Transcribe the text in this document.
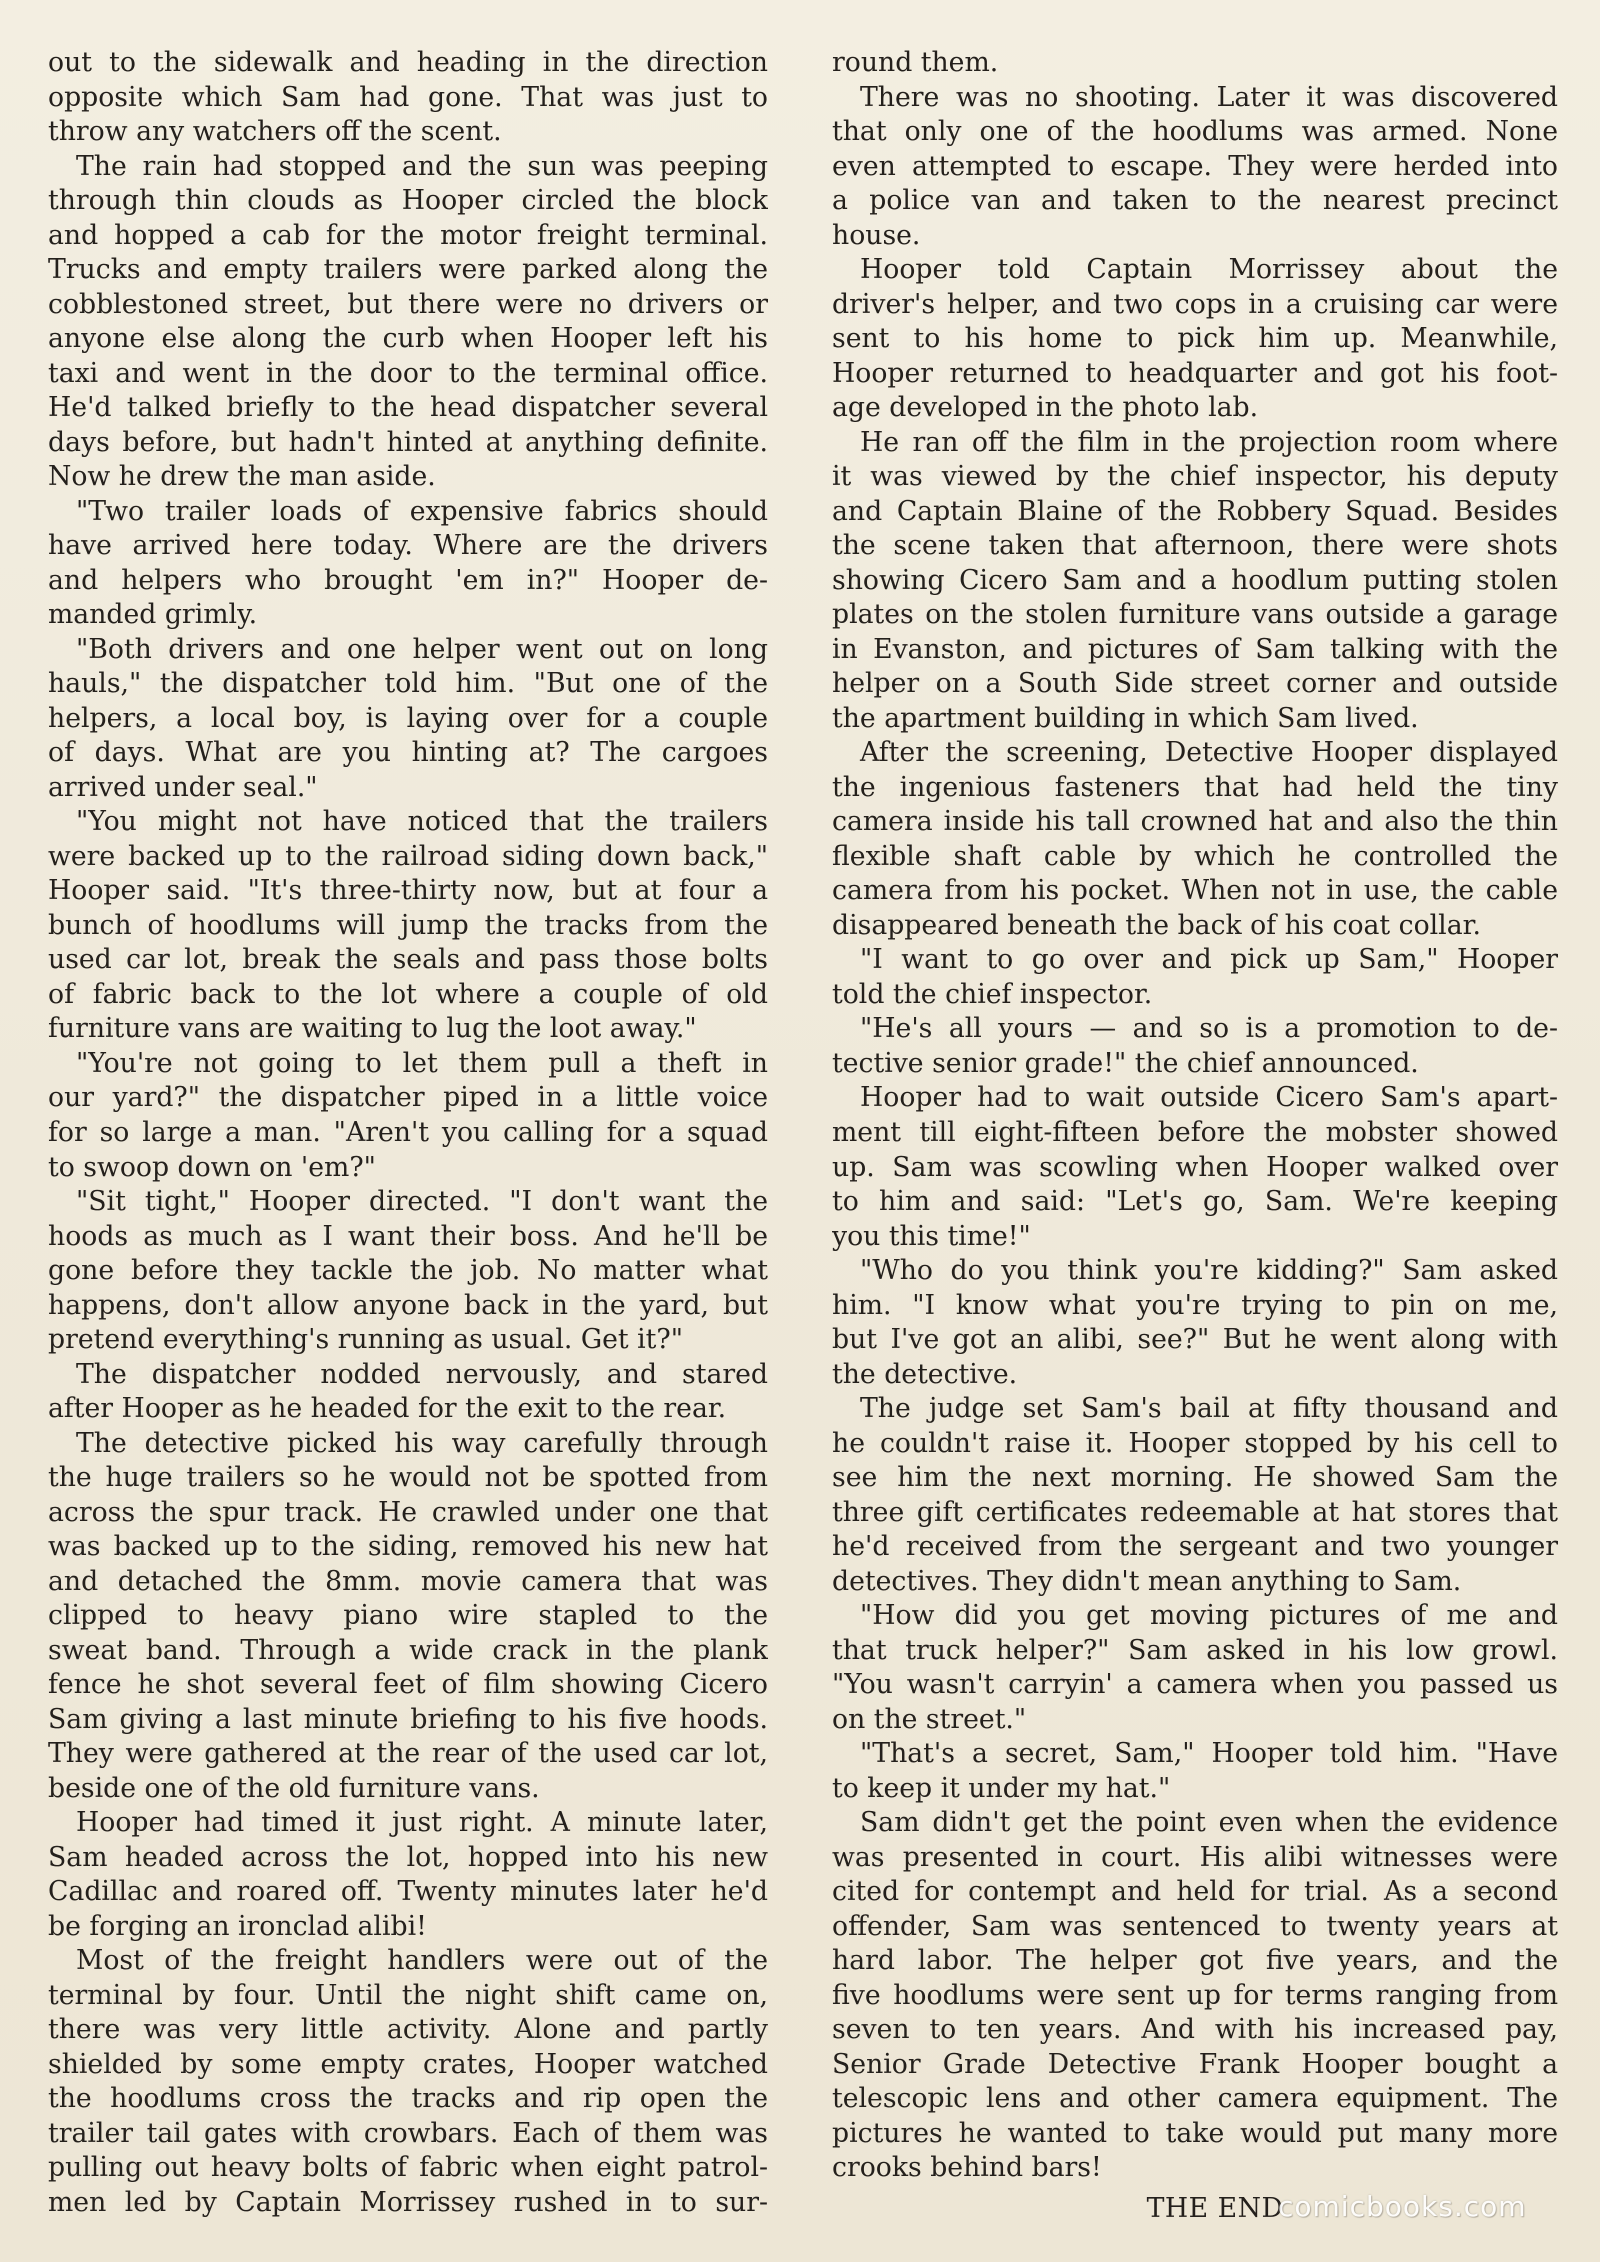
out to the sidewalk and heading in the direction
opposite which Sam had gone. That was just to
throw any watchers off the scent.
The rain had stopped and the sun was peeping
through thin clouds as Hooper circled the block
and hopped a cab for the motor freight terminal.
Trucks and empty trailers were parked along the
cobblestoned street, but there were no drivers or
anyone else along the curb when Hooper left his
taxi and went in the door to the terminal office.
He'd talked briefly to the head dispatcher several
days before, but hadn't hinted at anything definite.
Now he drew the man aside.
"Two trailer loads of expensive fabrics should
have arrived here today. Where are the drivers
and helpers who brought 'em in?" Hooper de-
manded grimly.
"Both drivers and one helper went out on long
hauls," the dispatcher told him. "But one of the
helpers, a local boy, is laying over for a couple
of days. What are you hinting at? The cargoes
arrived under seal."
"You might not have noticed that the trailers
were backed up to the railroad siding down back,"
Hooper said. "It's three-thirty now, but at four a
bunch of hoodlums will jump the tracks from the
used car lot, break the seals and pass those bolts
of fabric back to the lot where a couple of old
furniture vans are waiting to lug the loot away."
"You're not going to let them pull a theft in
our yard?" the dispatcher piped in a little voice
for so large a man. "Aren't you calling for a squad
to swoop down on 'em?"
"Sit tight," Hooper directed. "I don't want the
hoods as much as I want their boss. And he'll be
gone before they tackle the job. No matter what
happens, don't allow anyone back in the yard, but
pretend everything's running as usual. Get it?"
The dispatcher nodded nervously, and stared
after Hooper as he headed for the exit to the rear.
The detective picked his way carefully through
the huge trailers so he would not be spotted from
across the spur track. He crawled under one that
was backed up to the siding, removed his new hat
and detached the 8mm. movie camera that was
clipped to heavy piano wire stapled to the
sweat band. Through a wide crack in the plank
fence he shot several feet of film showing Cicero
Sam giving a last minute briefing to his five hoods.
They were gathered at the rear of the used car lot,
beside one of the old furniture vans.
Hooper had timed it just right. A minute later,
Sam headed across the lot, hopped into his new
Cadillac and roared off. Twenty minutes later he'd
be forging an ironclad alibi!
Most of the freight handlers were out of the
terminal by four. Until the night shift came on,
there was very little activity. Alone and partly
shielded by some empty crates, Hooper watched
the hoodlums cross the tracks and rip open the
trailer tail gates with crowbars. Each of them was
pulling out heavy bolts of fabric when eight patrol-
men led by Captain Morrissey rushed in to sur-
round them.
There was no shooting. Later it was discovered
that only one of the hoodlums was armed. None
even attempted to escape. They were herded into
a police van and taken to the nearest precinct
house.
Hooper told Captain Morrissey about the
driver's helper, and two cops in a cruising car were
sent to his home to pick him up. Meanwhile,
Hooper returned to headquarter and got his foot-
age developed in the photo lab.
He ran off the film in the projection room where
it was viewed by the chief inspector, his deputy
and Captain Blaine of the Robbery Squad. Besides
the scene taken that afternoon, there were shots
showing Cicero Sam and a hoodlum putting stolen
plates on the stolen furniture vans outside a garage
in Evanston, and pictures of Sam talking with the
helper on a South Side street corner and outside
the apartment building in which Sam lived.
After the screening, Detective Hooper displayed
the ingenious fasteners that had held the tiny
camera inside his tall crowned hat and also the thin
flexible shaft cable by which he controlled the
camera from his pocket. When not in use, the cable
disappeared beneath the back of his coat collar.
"I want to go over and pick up Sam," Hooper
told the chief inspector.
"He's all yours — and so is a promotion to de-
tective senior grade!" the chief announced.
Hooper had to wait outside Cicero Sam's apart-
ment till eight-fifteen before the mobster showed
up. Sam was scowling when Hooper walked over
to him and said: "Let's go, Sam. We're keeping
you this time!"
"Who do you think you're kidding?" Sam asked
him. "I know what you're trying to pin on me,
but I've got an alibi, see?" But he went along with
the detective.
The judge set Sam's bail at fifty thousand and
he couldn't raise it. Hooper stopped by his cell to
see him the next morning. He showed Sam the
three gift certificates redeemable at hat stores that
he'd received from the sergeant and two younger
detectives. They didn't mean anything to Sam.
"How did you get moving pictures of me and
that truck helper?" Sam asked in his low growl.
"You wasn't carryin' a camera when you passed us
on the street."
"That's a secret, Sam," Hooper told him. "Have
to keep it under my hat."
Sam didn't get the point even when the evidence
was presented in court. His alibi witnesses were
cited for contempt and held for trial. As a second
offender, Sam was sentenced to twenty years at
hard labor. The helper got five years, and the
five hoodlums were sent up for terms ranging from
seven to ten years. And with his increased pay,
Senior Grade Detective Frank Hooper bought a
telescopic lens and other camera equipment. The
pictures he wanted to take would put many more
crooks behind bars!
THE END
comicbooks.com
